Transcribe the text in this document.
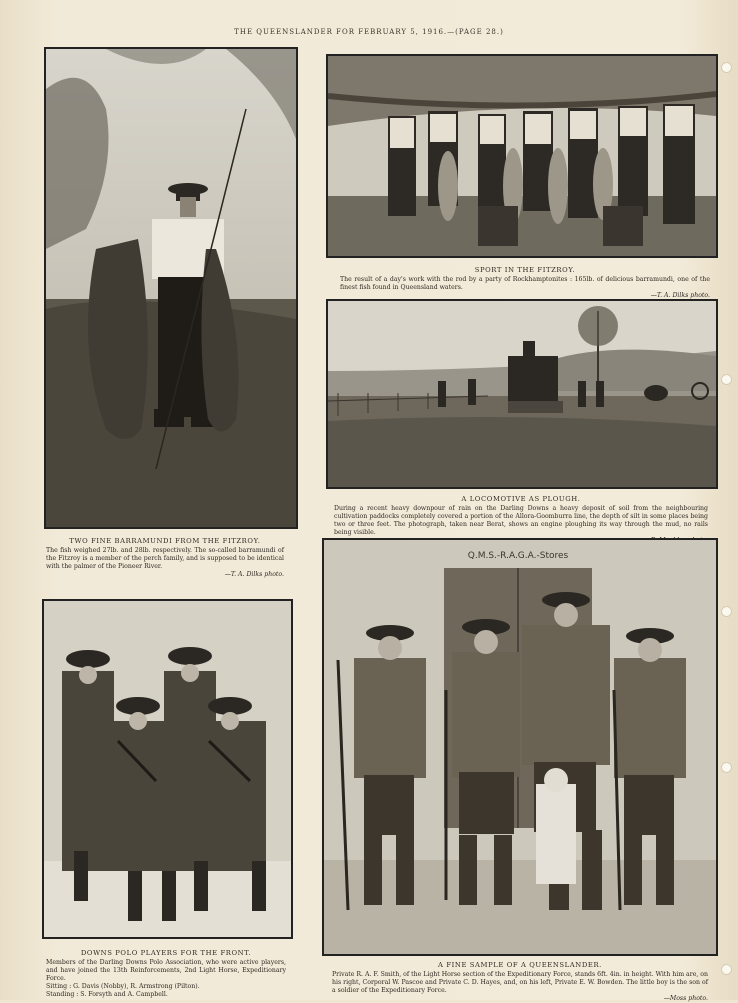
THE QUEENSLANDER FOR FEBRUARY 5, 1916.—(PAGE 28.)
TWO FINE BARRAMUNDI FROM THE FITZROY.
The fish weighed 27lb. and 28lb. respectively. The so-called barramundi of the Fitzroy is a member of the perch family, and is supposed to be identical with the palmer of the Pioneer River.
—T. A. Dilks photo.
SPORT IN THE FITZROY.
The result of a day's work with the rod by a party of Rockhamptonites : 165lb. of delicious barramundi, one of the finest fish found in Queensland waters.
—T. A. Dilks photo.
A LOCOMOTIVE AS PLOUGH.
During a recent heavy downpour of rain on the Darling Downs a heavy deposit of soil from the neighbouring cultivation paddocks completely covered a portion of the Allora-Goomburra line, the depth of silt in some places being two or three feet. The photograph, taken near Berat, shows an engine ploughing its way through the mud, no rails being visible.
DOWNS POLO PLAYERS FOR THE FRONT.
Members of the Darling Downs Polo Association, who were active players, and have joined the 13th Reinforcements, 2nd Light Horse, Expeditionary Force.
Sitting : G. Davis (Nobby), R. Armstrong (Pilton).
Standing : S. Forsyth and A. Campbell.
Q.M.S.-R.A.G.A.-Stores
A FINE SAMPLE OF A QUEENSLANDER.
Private R. A. F. Smith, of the Light Horse section of the Expeditionary Force, stands 6ft. 4in. in height. With him are, on his right, Corporal W. Pascoe and Private C. D. Hayes, and, on his left, Private E. W. Bowden. The little boy is the son of a soldier of the Expeditionary Force.
—Moss photo.
